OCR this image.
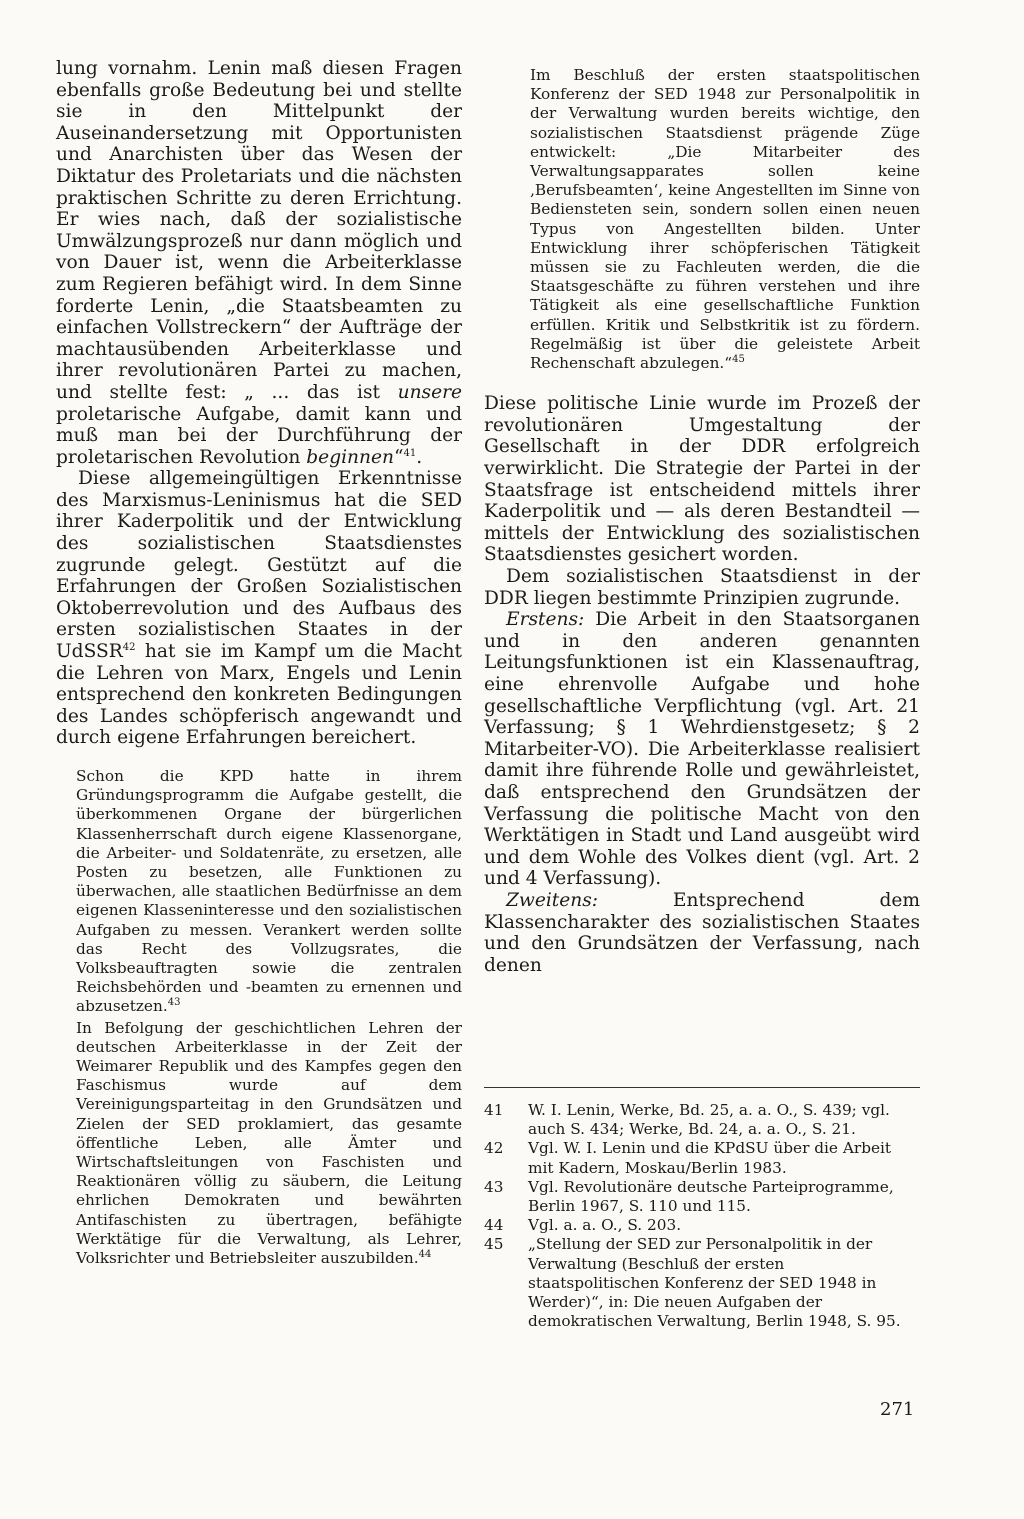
lung vornahm. Lenin maß diesen Fragen ebenfalls große Bedeutung bei und stellte sie in den Mittelpunkt der Auseinandersetzung mit Opportunisten und Anarchisten über das Wesen der Diktatur des Proletariats und die nächsten praktischen Schritte zu deren Errichtung. Er wies nach, daß der sozialistische Umwälzungsprozeß nur dann möglich und von Dauer ist, wenn die Arbeiterklasse zum Regieren befähigt wird. In dem Sinne forderte Lenin, „die Staatsbeamten zu einfachen Vollstreckern“ der Aufträge der machtausübenden Arbeiterklasse und ihrer revolutionären Partei zu machen, und stellte fest: „ ... das ist unsere proletarische Aufgabe, damit kann und muß man bei der Durchführung der proletarischen Revolution beginnen“$^{41}$.

Diese allgemeingültigen Erkenntnisse des Marxismus-Leninismus hat die SED ihrer Kaderpolitik und der Entwicklung des sozialistischen Staatsdienstes zugrunde gelegt. Gestützt auf die Erfahrungen der Großen Sozialistischen Oktoberrevolution und des Aufbaus des ersten sozialistischen Staates in der UdSSR$^{42}$ hat sie im Kampf um die Macht die Lehren von Marx, Engels und Lenin entsprechend den konkreten Bedingungen des Landes schöpferisch angewandt und durch eigene Erfahrungen bereichert.

Schon die KPD hatte in ihrem Gründungsprogramm die Aufgabe gestellt, die überkommenen Organe der bürgerlichen Klassenherrschaft durch eigene Klassenorgane, die Arbeiter- und Soldatenräte, zu ersetzen, alle Posten zu besetzen, alle Funktionen zu überwachen, alle staatlichen Bedürfnisse an dem eigenen Klasseninteresse und den sozialistischen Aufgaben zu messen. Verankert werden sollte das Recht des Vollzugsrates, die Volksbeauftragten sowie die zentralen Reichsbehörden und -beamten zu ernennen und abzusetzen.$^{43}$

In Befolgung der geschichtlichen Lehren der deutschen Arbeiterklasse in der Zeit der Weimarer Republik und des Kampfes gegen den Faschismus wurde auf dem Vereinigungsparteitag in den Grundsätzen und Zielen der SED proklamiert, das gesamte öffentliche Leben, alle Ämter und Wirtschaftsleitungen von Faschisten und Reaktionären völlig zu säubern, die Leitung ehrlichen Demokraten und bewährten Antifaschisten zu übertragen, befähigte Werktätige für die Verwaltung, als Lehrer, Volksrichter und Betriebsleiter auszubilden.$^{44}$

Im Beschluß der ersten staatspolitischen Konferenz der SED 1948 zur Personalpolitik in der Verwaltung wurden bereits wichtige, den sozialistischen Staatsdienst prägende Züge entwickelt: „Die Mitarbeiter des Verwaltungsapparates sollen keine ‚Berufsbeamten‘, keine Angestellten im Sinne von Bediensteten sein, sondern sollen einen neuen Typus von Angestellten bilden. Unter Entwicklung ihrer schöpferischen Tätigkeit müssen sie zu Fachleuten werden, die die Staatsgeschäfte zu führen verstehen und ihre Tätigkeit als eine gesellschaftliche Funktion erfüllen. Kritik und Selbstkritik ist zu fördern. Regelmäßig ist über die geleistete Arbeit Rechenschaft abzulegen.“$^{45}$

Diese politische Linie wurde im Prozeß der revolutionären Umgestaltung der Gesellschaft in der DDR erfolgreich verwirklicht. Die Strategie der Partei in der Staatsfrage ist entscheidend mittels ihrer Kaderpolitik und — als deren Bestandteil — mittels der Entwicklung des sozialistischen Staatsdienstes gesichert worden.

Dem sozialistischen Staatsdienst in der DDR liegen bestimmte Prinzipien zugrunde.

Erstens: Die Arbeit in den Staatsorganen und in den anderen genannten Leitungsfunktionen ist ein Klassenauftrag, eine ehrenvolle Aufgabe und hohe gesellschaftliche Verpflichtung (vgl. Art. 21 Verfassung; § 1 Wehrdienstgesetz; § 2 Mitarbeiter-VO). Die Arbeiterklasse realisiert damit ihre führende Rolle und gewährleistet, daß entsprechend den Grundsätzen der Verfassung die politische Macht von den Werktätigen in Stadt und Land ausgeübt wird und dem Wohle des Volkes dient (vgl. Art. 2 und 4 Verfassung).

Zweitens: Entsprechend dem Klassencharakter des sozialistischen Staates und den Grundsätzen der Verfassung, nach denen

41	W. I. Lenin, Werke, Bd. 25, a. a. O., S. 439; vgl. auch S. 434; Werke, Bd. 24, a. a. O., S. 21.
42	Vgl. W. I. Lenin und die KPdSU über die Arbeit mit Kadern, Moskau/Berlin 1983.
43	Vgl. Revolutionäre deutsche Parteiprogramme, Berlin 1967, S. 110 und 115.
44	Vgl. a. a. O., S. 203.
45	„Stellung der SED zur Personalpolitik in der Verwaltung (Beschluß der ersten staatspolitischen Konferenz der SED 1948 in Werder)“, in: Die neuen Aufgaben der demokratischen Verwaltung, Berlin 1948, S. 95.
271
